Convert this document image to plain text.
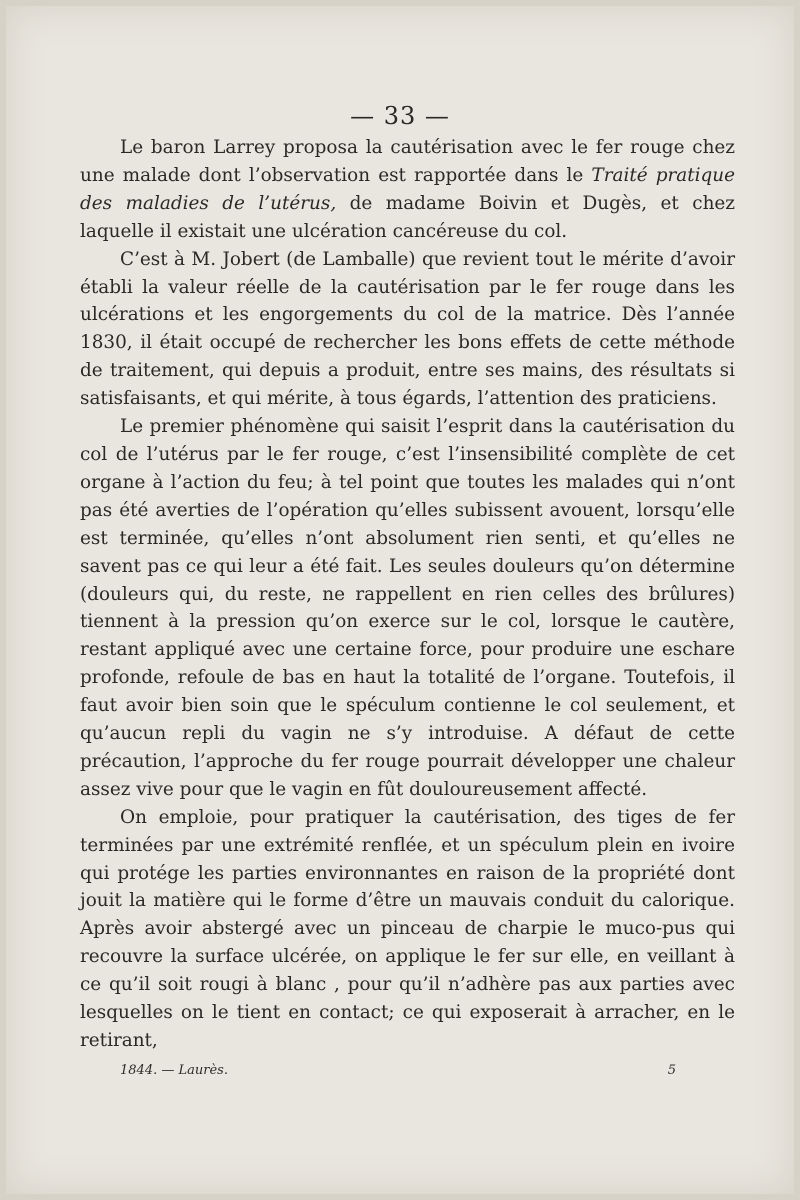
— 33 —

Le baron Larrey proposa la cautérisation avec le fer rouge chez une malade dont l’observation est rapportée dans le Traité pratique des maladies de l’utérus, de madame Boivin et Dugès, et chez laquelle il existait une ulcération cancéreuse du col.

C’est à M. Jobert (de Lamballe) que revient tout le mérite d’avoir établi la valeur réelle de la cautérisation par le fer rouge dans les ulcérations et les engorgements du col de la matrice. Dès l’année 1830, il était occupé de rechercher les bons effets de cette méthode de traitement, qui depuis a produit, entre ses mains, des résultats si satisfaisants, et qui mérite, à tous égards, l’attention des praticiens.

Le premier phénomène qui saisit l’esprit dans la cautérisation du col de l’utérus par le fer rouge, c’est l’insensibilité complète de cet organe à l’action du feu; à tel point que toutes les malades qui n’ont pas été averties de l’opération qu’elles subissent avouent, lorsqu’elle est terminée, qu’elles n’ont absolument rien senti, et qu’elles ne savent pas ce qui leur a été fait. Les seules douleurs qu’on détermine (douleurs qui, du reste, ne rappellent en rien celles des brûlures) tiennent à la pression qu’on exerce sur le col, lorsque le cautère, restant appliqué avec une certaine force, pour produire une eschare profonde, refoule de bas en haut la totalité de l’organe. Toutefois, il faut avoir bien soin que le spéculum contienne le col seulement, et qu’aucun repli du vagin ne s’y introduise. A défaut de cette précaution, l’approche du fer rouge pourrait développer une chaleur assez vive pour que le vagin en fût douloureusement affecté.

On emploie, pour pratiquer la cautérisation, des tiges de fer terminées par une extrémité renflée, et un spéculum plein en ivoire qui protége les parties environnantes en raison de la propriété dont jouit la matière qui le forme d’être un mauvais conduit du calorique. Après avoir abstergé avec un pinceau de charpie le muco-pus qui recouvre la surface ulcérée, on applique le fer sur elle, en veillant à ce qu’il soit rougi à blanc , pour qu’il n’adhère pas aux parties avec lesquelles on le tient en contact; ce qui exposerait à arracher, en le retirant,

1844. — Laurès.	5
